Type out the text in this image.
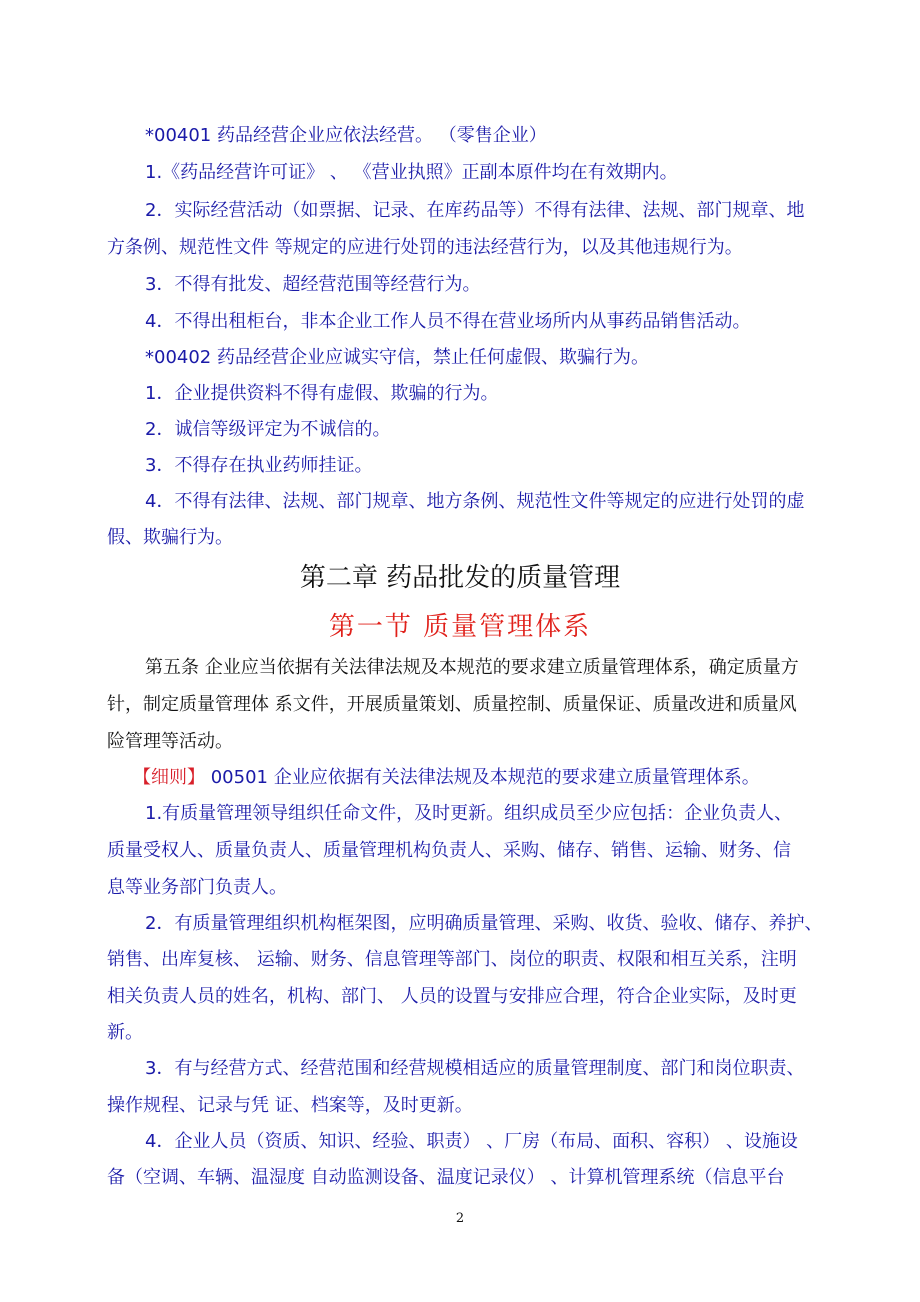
*00401 药品经营企业应依法经营。 （零售企业）
1.《药品经营许可证》 、 《营业执照》正副本原件均在有效期内。
2．实际经营活动（如票据、记录、在库药品等）不得有法律、法规、部门规章、地
方条例、规范性文件 等规定的应进行处罚的违法经营行为，以及其他违规行为。
3．不得有批发、超经营范围等经营行为。
4．不得出租柜台，非本企业工作人员不得在营业场所内从事药品销售活动。
*00402 药品经营企业应诚实守信，禁止任何虚假、欺骗行为。
1．企业提供资料不得有虚假、欺骗的行为。
2．诚信等级评定为不诚信的。
3．不得存在执业药师挂证。
4．不得有法律、法规、部门规章、地方条例、规范性文件等规定的应进行处罚的虚
假、欺骗行为。
第二章 药品批发的质量管理
第一节 质量管理体系
第五条 企业应当依据有关法律法规及本规范的要求建立质量管理体系，确定质量方
针，制定质量管理体 系文件，开展质量策划、质量控制、质量保证、质量改进和质量风
险管理等活动。
【细则】 00501 企业应依据有关法律法规及本规范的要求建立质量管理体系。
1.有质量管理领导组织任命文件，及时更新。组织成员至少应包括：企业负责人、
质量受权人、质量负责人、质量管理机构负责人、采购、储存、销售、运输、财务、信
息等业务部门负责人。
2．有质量管理组织机构框架图，应明确质量管理、采购、收货、验收、储存、养护、
销售、出库复核、 运输、财务、信息管理等部门、岗位的职责、权限和相互关系，注明
相关负责人员的姓名，机构、部门、 人员的设置与安排应合理，符合企业实际，及时更
新。
3．有与经营方式、经营范围和经营规模相适应的质量管理制度、部门和岗位职责、
操作规程、记录与凭 证、档案等，及时更新。
4．企业人员（资质、知识、经验、职责） 、厂房（布局、面积、容积） 、设施设
备（空调、车辆、温湿度 自动监测设备、温度记录仪） 、计算机管理系统（信息平台
2
